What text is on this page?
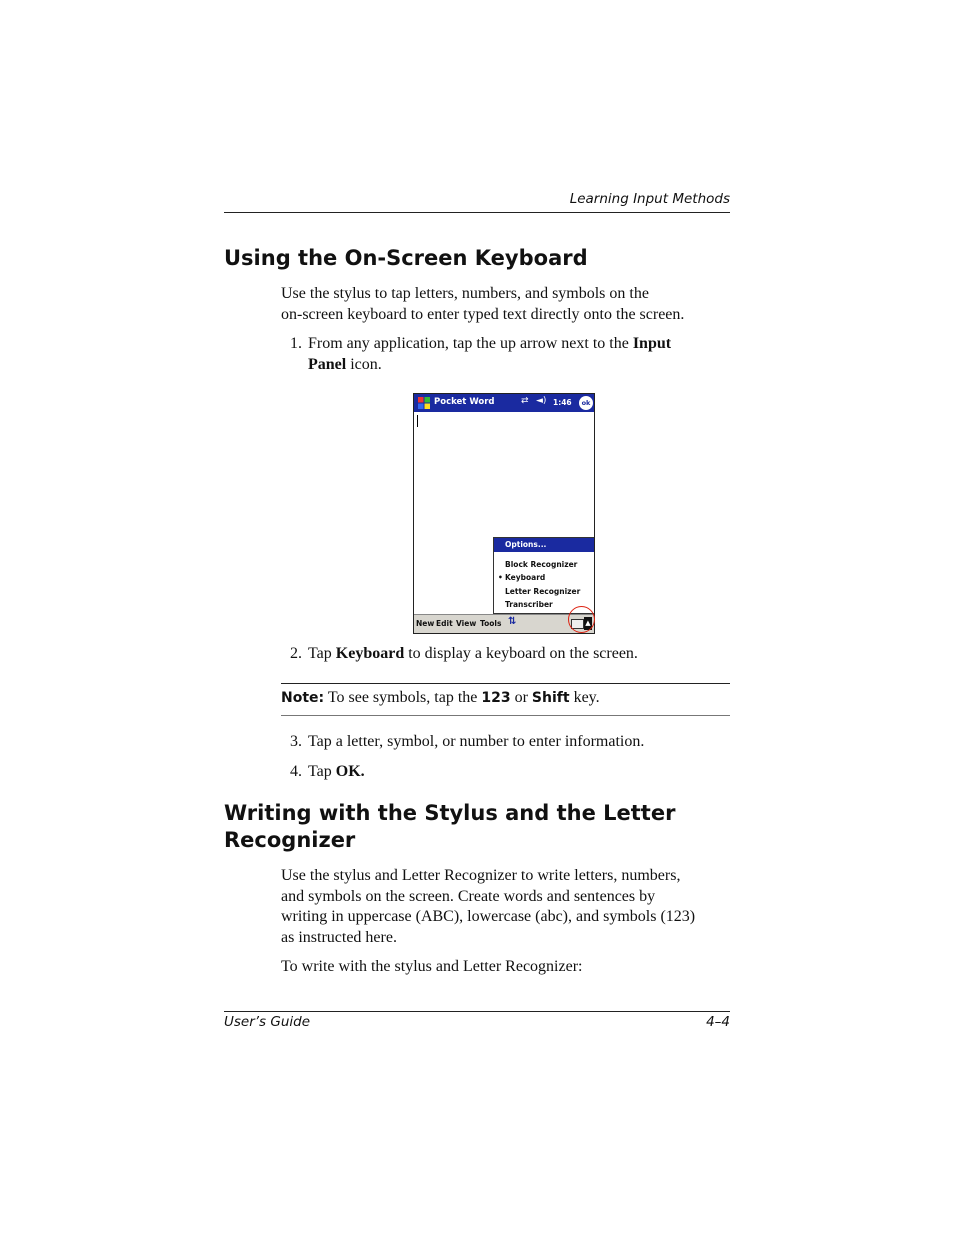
Learning Input Methods
Using the On-Screen Keyboard
Use the stylus to tap letters, numbers, and symbols on the
on-screen keyboard to enter typed text directly onto the screen.
1. From any application, tap the up arrow next to the Input
Panel icon.
Pocket Word	⇄ ◄) 1:46	ok
Options...
Block Recognizer
• Keyboard
Letter Recognizer
Transcriber
New Edit View Tools ⇅	▲
2. Tap Keyboard to display a keyboard on the screen.
Note: To see symbols, tap the 123 or Shift key.
3. Tap a letter, symbol, or number to enter information.
4. Tap OK.
Writing with the Stylus and the Letter
Recognizer
Use the stylus and Letter Recognizer to write letters, numbers,
and symbols on the screen. Create words and sentences by
writing in uppercase (ABC), lowercase (abc), and symbols (123)
as instructed here.
To write with the stylus and Letter Recognizer:
User’s Guide	4–4
